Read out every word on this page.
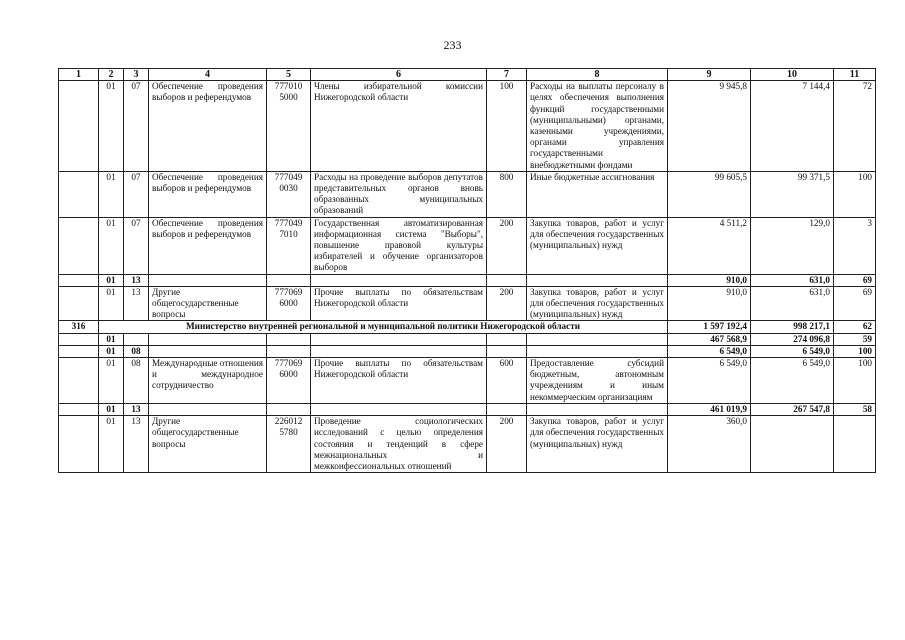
233
1	2	3	4	5	6	7	8	9	10	11
	01	07	Обеспечение проведения выборов и референдумов	777010 5000	Члены избирательной комиссии Нижегородской области	100	Расходы на выплаты персоналу в целях обеспечения выполнения функций государственными (муниципальными) органами, казенными учреждениями, органами управления государственными внебюджетными фондами	9 945,8	7 144,4	72
	01	07	Обеспечение проведения выборов и референдумов	777049 0030	Расходы на проведение выборов депутатов представительных органов вновь образованных муниципальных образований	800	Иные бюджетные ассигнования	99 605,5	99 371,5	100
	01	07	Обеспечение проведения выборов и референдумов	777049 7010	Государственная автоматизированная информационная система "Выборы", повышение правовой культуры избирателей и обучение организаторов выборов	200	Закупка товаров, работ и услуг для обеспечения государственных (муниципальных) нужд	4 511,2	129,0	3
	01	13						910,0	631,0	69
	01	13	Другие общегосударственные вопросы	777069 6000	Прочие выплаты по обязательствам Нижегородской области	200	Закупка товаров, работ и услуг для обеспечения государственных (муниципальных) нужд	910,0	631,0	69
316	Министерство внутренней региональной и муниципальной политики Нижегородской области							1 597 192,4	998 217,1	62
	01							467 568,9	274 096,8	59
	01	08						6 549,0	6 549,0	100
	01	08	Международные отношения и международное сотрудничество	777069 6000	Прочие выплаты по обязательствам Нижегородской области	600	Предоставление субсидий бюджетным, автономным учреждениям и иным некоммерческим организациям	6 549,0	6 549,0	100
	01	13						461 019,9	267 547,8	58
	01	13	Другие общегосударственные вопросы	226012 5780	Проведение социологических исследований с целью определения состояния и тенденций в сфере межнациональных и межконфессиональных отношений	200	Закупка товаров, работ и услуг для обеспечения государственных (муниципальных) нужд	360,0		
